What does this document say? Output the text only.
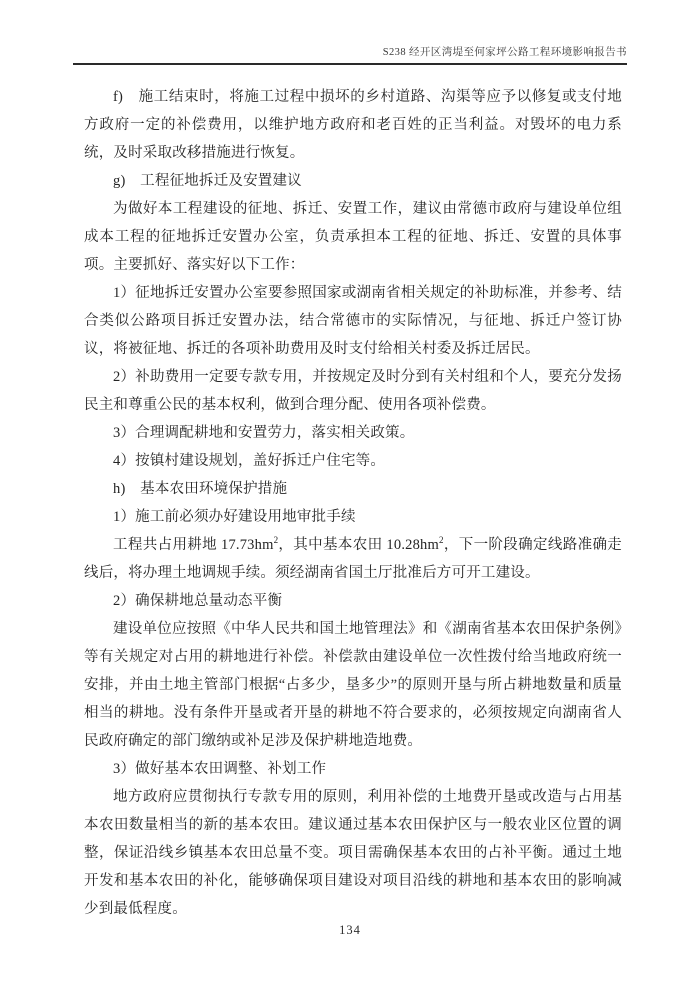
S238 经开区湾堤至何家坪公路工程环境影响报告书

f)　施工结束时，将施工过程中损坏的乡村道路、沟渠等应予以修复或支付地方政府一定的补偿费用，以维护地方政府和老百姓的正当利益。对毁坏的电力系统，及时采取改移措施进行恢复。

g)　工程征地拆迁及安置建议

为做好本工程建设的征地、拆迁、安置工作，建议由常德市政府与建设单位组成本工程的征地拆迁安置办公室，负责承担本工程的征地、拆迁、安置的具体事项。主要抓好、落实好以下工作：

1）征地拆迁安置办公室要参照国家或湖南省相关规定的补助标准，并参考、结合类似公路项目拆迁安置办法，结合常德市的实际情况，与征地、拆迁户签订协议，将被征地、拆迁的各项补助费用及时支付给相关村委及拆迁居民。

2）补助费用一定要专款专用，并按规定及时分到有关村组和个人，要充分发扬民主和尊重公民的基本权利，做到合理分配、使用各项补偿费。

3）合理调配耕地和安置劳力，落实相关政策。

4）按镇村建设规划，盖好拆迁户住宅等。

h)　基本农田环境保护措施

1）施工前必须办好建设用地审批手续

工程共占用耕地 $17.73hm^2$，其中基本农田 $10.28hm^2$，下一阶段确定线路准确走线后，将办理土地调规手续。须经湖南省国土厅批准后方可开工建设。

2）确保耕地总量动态平衡

建设单位应按照《中华人民共和国土地管理法》和《湖南省基本农田保护条例》等有关规定对占用的耕地进行补偿。补偿款由建设单位一次性拨付给当地政府统一安排，并由土地主管部门根据“占多少，垦多少”的原则开垦与所占耕地数量和质量相当的耕地。没有条件开垦或者开垦的耕地不符合要求的，必须按规定向湖南省人民政府确定的部门缴纳或补足涉及保护耕地造地费。

3）做好基本农田调整、补划工作

地方政府应贯彻执行专款专用的原则，利用补偿的土地费开垦或改造与占用基本农田数量相当的新的基本农田。建议通过基本农田保护区与一般农业区位置的调整，保证沿线乡镇基本农田总量不变。项目需确保基本农田的占补平衡。通过土地开发和基本农田的补化，能够确保项目建设对项目沿线的耕地和基本农田的影响减少到最低程度。

134
